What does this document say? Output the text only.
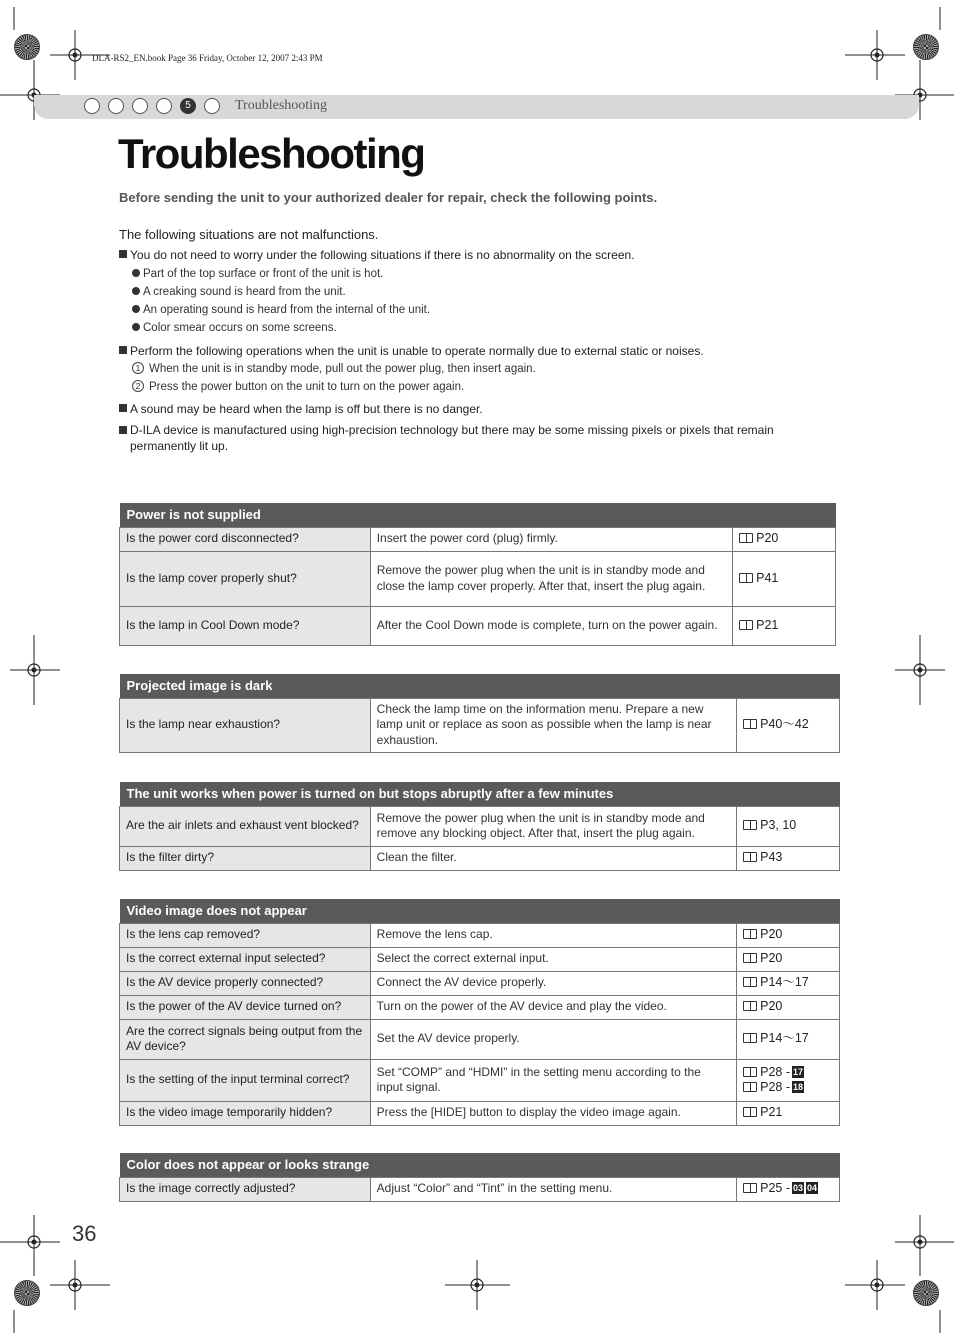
DLA-RS2_EN.book Page 36 Friday, October 12, 2007 2:43 PM
5	Troubleshooting
Troubleshooting
Before sending the unit to your authorized dealer for repair, check the following points.
The following situations are not malfunctions.
You do not need to worry under the following situations if there is no abnormality on the screen.
Part of the top surface or front of the unit is hot.
A creaking sound is heard from the unit.
An operating sound is heard from the internal of the unit.
Color smear occurs on some screens.
Perform the following operations when the unit is unable to operate normally due to external static or noises.
1 When the unit is in standby mode, pull out the power plug, then insert again.
2 Press the power button on the unit to turn on the power again.
A sound may be heard when the lamp is off but there is no danger.
D-ILA device is manufactured using high-precision technology but there may be some missing pixels or pixels that remain permanently lit up.
Power is not supplied		
Is the power cord disconnected?	Insert the power cord (plug) firmly.	P20
Is the lamp cover properly shut?	Remove the power plug when the unit is in standby mode and close the lamp cover properly. After that, insert the plug again.	P41
Is the lamp in Cool Down mode?	After the Cool Down mode is complete, turn on the power again.	P21
Projected image is dark
Is the lamp near exhaustion?	Check the lamp time on the information menu. Prepare a new lamp unit or replace as soon as possible when the lamp is near exhaustion.	P40～42
The unit works when power is turned on but stops abruptly after a few minutes		
Are the air inlets and exhaust vent blocked?	Remove the power plug when the unit is in standby mode and remove any blocking object. After that, insert the plug again.	P3, 10
Is the filter dirty?	Clean the filter.	P43
Video image does not appear		
Is the lens cap removed?	Remove the lens cap.	P20
Is the correct external input selected?	Select the correct external input.	P20
Is the AV device properly connected?	Connect the AV device properly.	P14～17
Is the power of the AV device turned on?	Turn on the power of the AV device and play the video.	P20
Are the correct signals being output from the AV device?	Set the AV device properly.	P14～17
Is the setting of the input terminal correct?	Set “COMP” and “HDMI” in the setting menu according to the input signal.	P28 - 17
P28 - 18

Is the video image temporarily hidden?	Press the [HIDE] button to display the video image again.	P21
Color does not appear or looks strange
Is the image correctly adjusted?	Adjust “Color” and “Tint” in the setting menu.	P25 - 03 04
36
